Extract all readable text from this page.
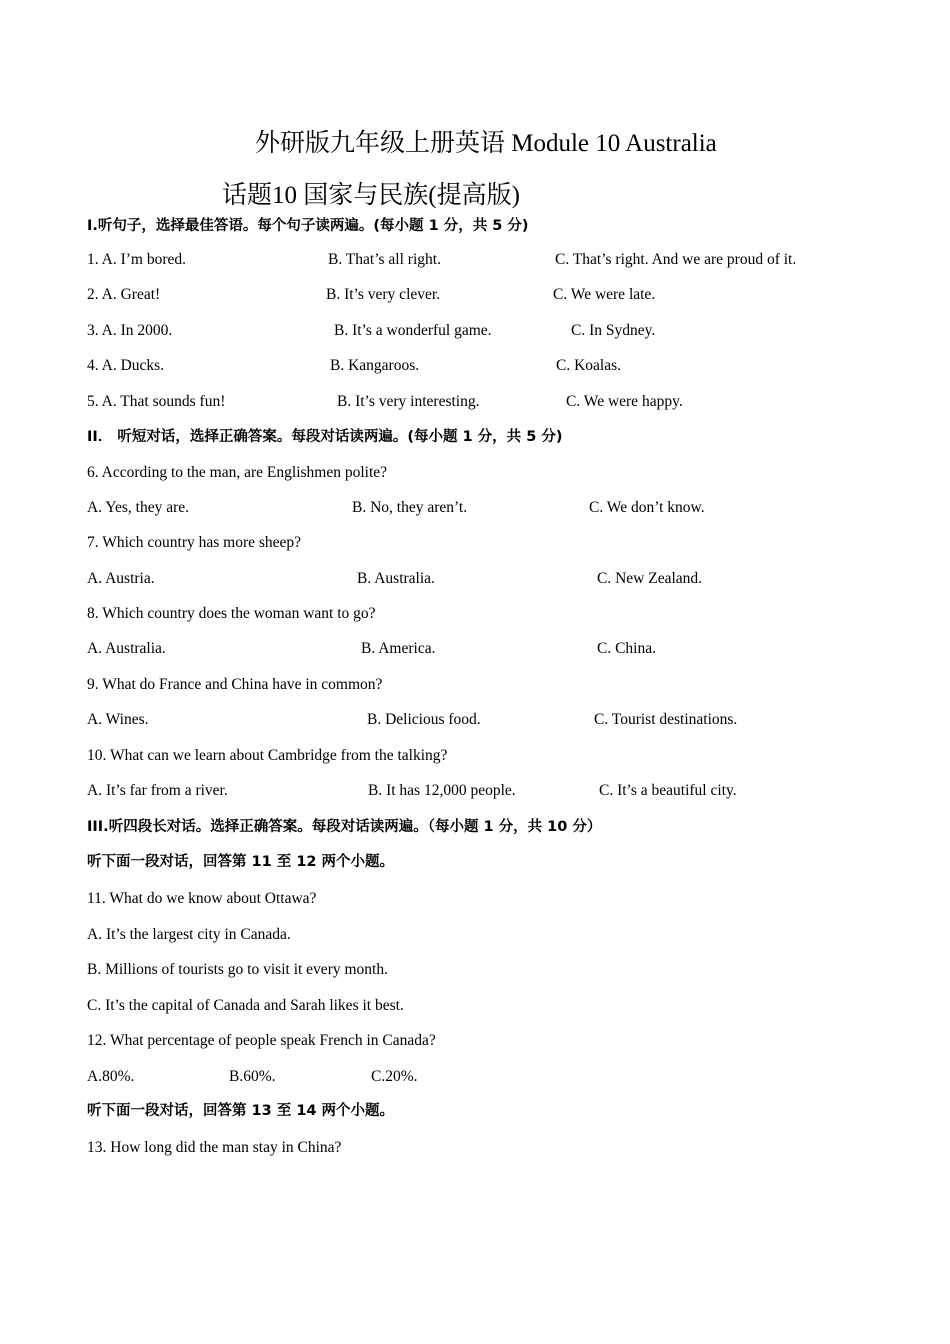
外研版九年级上册英语 Module 10 Australia
话题10 国家与民族(提高版)
Ⅰ.听句子，选择最佳答语。每个句子读两遍。(每小题 1 分，共 5 分)
1. A. I’m bored.	B. That’s all right.	C. That’s right. And we are proud of it.
2. A. Great!	B. It’s very clever.	C. We were late.
3. A. In 2000.	B. It’s a wonderful game.	C. In Sydney.
4. A. Ducks.	B. Kangaroos.	C. Koalas.
5. A. That sounds fun!	B. It’s very interesting.	C. We were happy.
II． 听短对话，选择正确答案。每段对话读两遍。(每小题 1 分，共 5 分)
6. According to the man, are Englishmen polite?
A. Yes, they are.	B. No, they aren’t.	C. We don’t know.
7. Which country has more sheep?
A. Austria.	B. Australia.	C. New Zealand.
8. Which country does the woman want to go?
A. Australia.	B. America.	C. China.
9. What do France and China have in common?
A. Wines.	B. Delicious food.	C. Tourist destinations.
10. What can we learn about Cambridge from the talking?
A. It’s far from a river.	B. It has 12,000 people.	C. It’s a beautiful city.
III.听四段长对话。选择正确答案。每段对话读两遍。（每小题 1 分，共 10 分）
听下面一段对话，回答第 11 至 12 两个小题。
11. What do we know about Ottawa?
A. It’s the largest city in Canada.
B. Millions of tourists go to visit it every month.
C. It’s the capital of Canada and Sarah likes it best.
12. What percentage of people speak French in Canada?
A.80%.	B.60%.	C.20%.
听下面一段对话，回答第 13 至 14 两个小题。
13. How long did the man stay in China?
